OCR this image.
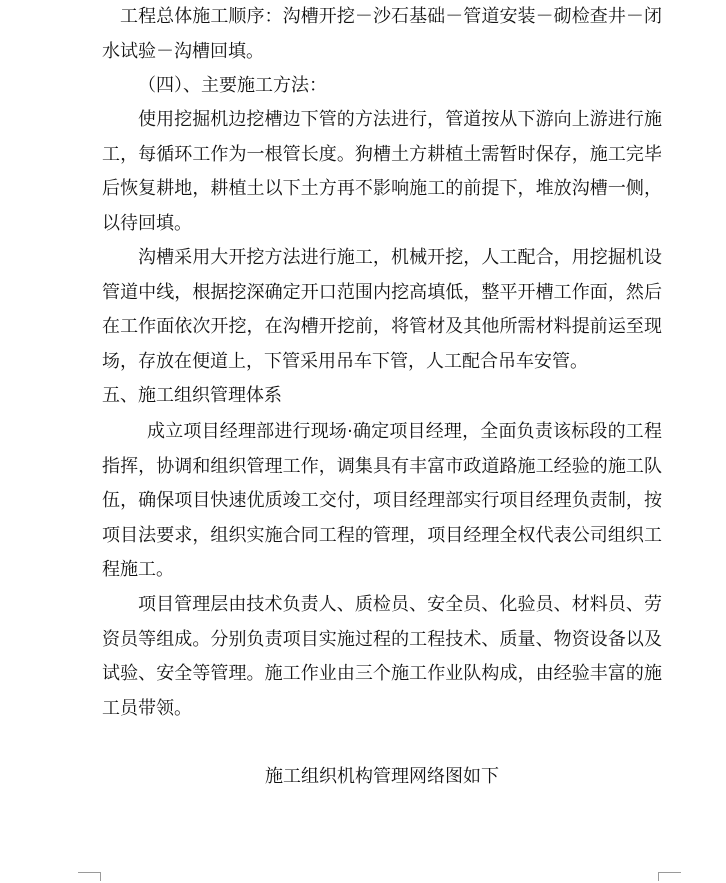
工程总体施工顺序：沟槽开挖－沙石基础－管道安装－砌检查井－闭水试验－沟槽回填。

（四）、主要施工方法：

使用挖掘机边挖槽边下管的方法进行，管道按从下游向上游进行施工，每循环工作为一根管长度。狗槽土方耕植土需暂时保存，施工完毕后恢复耕地，耕植土以下土方再不影响施工的前提下，堆放沟槽一侧，以待回填。

沟槽采用大开挖方法进行施工，机械开挖，人工配合，用挖掘机设管道中线，根据挖深确定开口范围内挖高填低，整平开槽工作面，然后在工作面依次开挖，在沟槽开挖前，将管材及其他所需材料提前运至现场，存放在便道上，下管采用吊车下管，人工配合吊车安管。

五、施工组织管理体系

成立项目经理部进行现场·确定项目经理，全面负责该标段的工程指挥，协调和组织管理工作，调集具有丰富市政道路施工经验的施工队伍，确保项目快速优质竣工交付，项目经理部实行项目经理负责制，按项目法要求，组织实施合同工程的管理，项目经理全权代表公司组织工程施工。

项目管理层由技术负责人、质检员、安全员、化验员、材料员、劳资员等组成。分别负责项目实施过程的工程技术、质量、物资设备以及试验、安全等管理。施工作业由三个施工作业队构成，由经验丰富的施工员带领。

施工组织机构管理网络图如下
